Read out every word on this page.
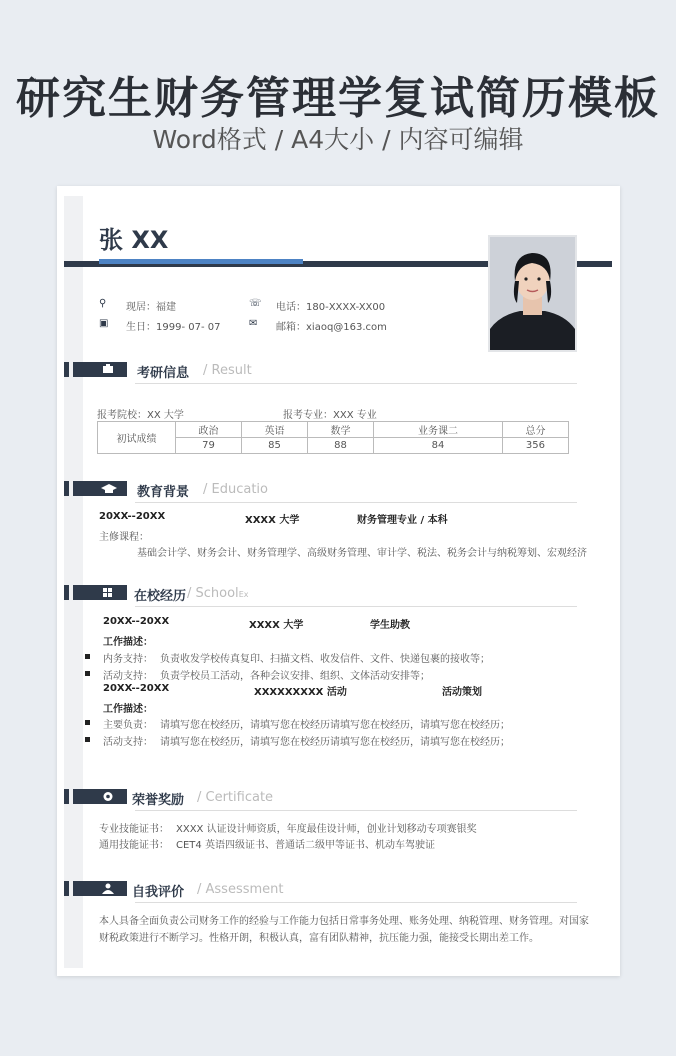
研究生财务管理学复试简历模板
Word格式 / A4大小 / 内容可编辑
张 XX
⚲ 现居：福建
▣ 生日：1999- 07- 07
☏ 电话：180-XXXX-XX00
✉ 邮箱：xiaoq@163.com
考研信息 / Result
报考院校：XX 大学	报考专业：XXX 专业
初试成绩	政治	英语	数学	业务课二	总分
	79	85	88	84	356
教育背景 / Educatio
20XX--20XX	XXXX 大学	财务管理专业 / 本科
主修课程：
基础会计学、财务会计、财务管理学、高级财务管理、审计学、税法、税务会计与纳税筹划、宏观经济
在校经历 / SchoolEx
20XX--20XX	XXXX 大学	学生助教
工作描述：
内务支持： 负责收发学校传真复印、扫描文档、收发信件、文件、快递包裹的接收等；
活动支持： 负责学校员工活动，各种会议安排、组织、文体活动安排等；
20XX--20XX	XXXXXXXXX 活动	活动策划
工作描述：
主要负责： 请填写您在校经历，请填写您在校经历请填写您在校经历，请填写您在校经历；
活动支持： 请填写您在校经历，请填写您在校经历请填写您在校经历，请填写您在校经历；
荣誉奖励 / Certificate
专业技能证书： XXXX 认证设计师资质，年度最佳设计师，创业计划移动专项赛银奖
通用技能证书： CET4 英语四级证书、普通话二级甲等证书、机动车驾驶证
自我评价 / Assessment
本人具备全面负责公司财务工作的经验与工作能力包括日常事务处理、账务处理、纳税管理、财务管理。对国家
财税政策进行不断学习。性格开朗，积极认真，富有团队精神，抗压能力强，能接受长期出差工作。
